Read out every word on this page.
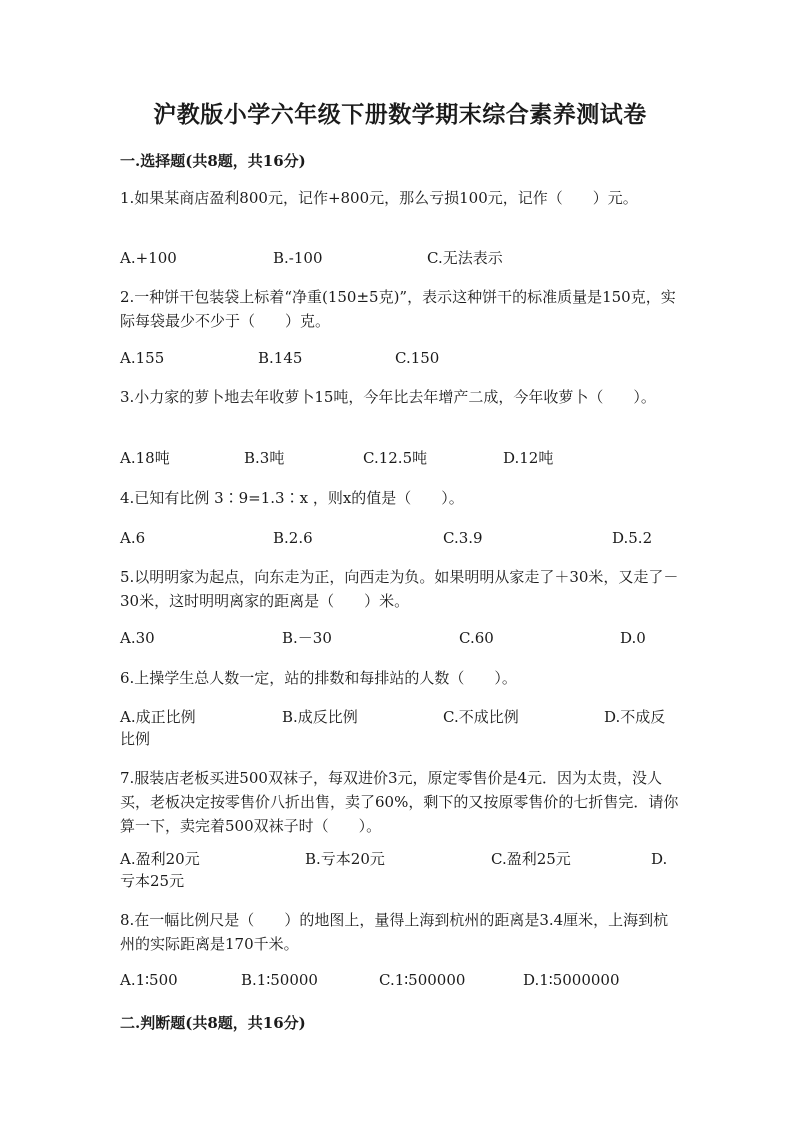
沪教版小学六年级下册数学期末综合素养测试卷
一.选择题(共8题，共16分)
1.如果某商店盈利800元，记作+800元，那么亏损100元，记作（　　）元。
A.+100	B.-100	C.无法表示
2.一种饼干包装袋上标着“净重(150±5克)”，表示这种饼干的标准质量是150克，实际每袋最少不少于（　　）克。
A.155	B.145	C.150
3.小力家的萝卜地去年收萝卜15吨，今年比去年增产二成，今年收萝卜（　　）。
A.18吨	B.3吨	C.12.5吨	D.12吨
4.已知有比例 3∶9=1.3∶x ，则x的值是（　　）。
A.6	B.2.6	C.3.9	D.5.2
5.以明明家为起点，向东走为正，向西走为负。如果明明从家走了＋30米，又走了－30米，这时明明离家的距离是（　　）米。
A.30	B.－30	C.60	D.0
6.上操学生总人数一定，站的排数和每排站的人数（　　）。
A.成正比例	B.成反比例	C.不成比例	D.不成反
比例
7.服装店老板买进500双袜子，每双进价3元，原定零售价是4元．因为太贵，没人买，老板决定按零售价八折出售，卖了60%，剩下的又按原零售价的七折售完．请你算一下，卖完着500双袜子时（　　）。
A.盈利20元	B.亏本20元	C.盈利25元	D.
亏本25元
8.在一幅比例尺是（　　）的地图上，量得上海到杭州的距离是3.4厘米，上海到杭州的实际距离是170千米。
A.1∶500	B.1∶50000	C.1∶500000	D.1∶5000000
二.判断题(共8题，共16分)
